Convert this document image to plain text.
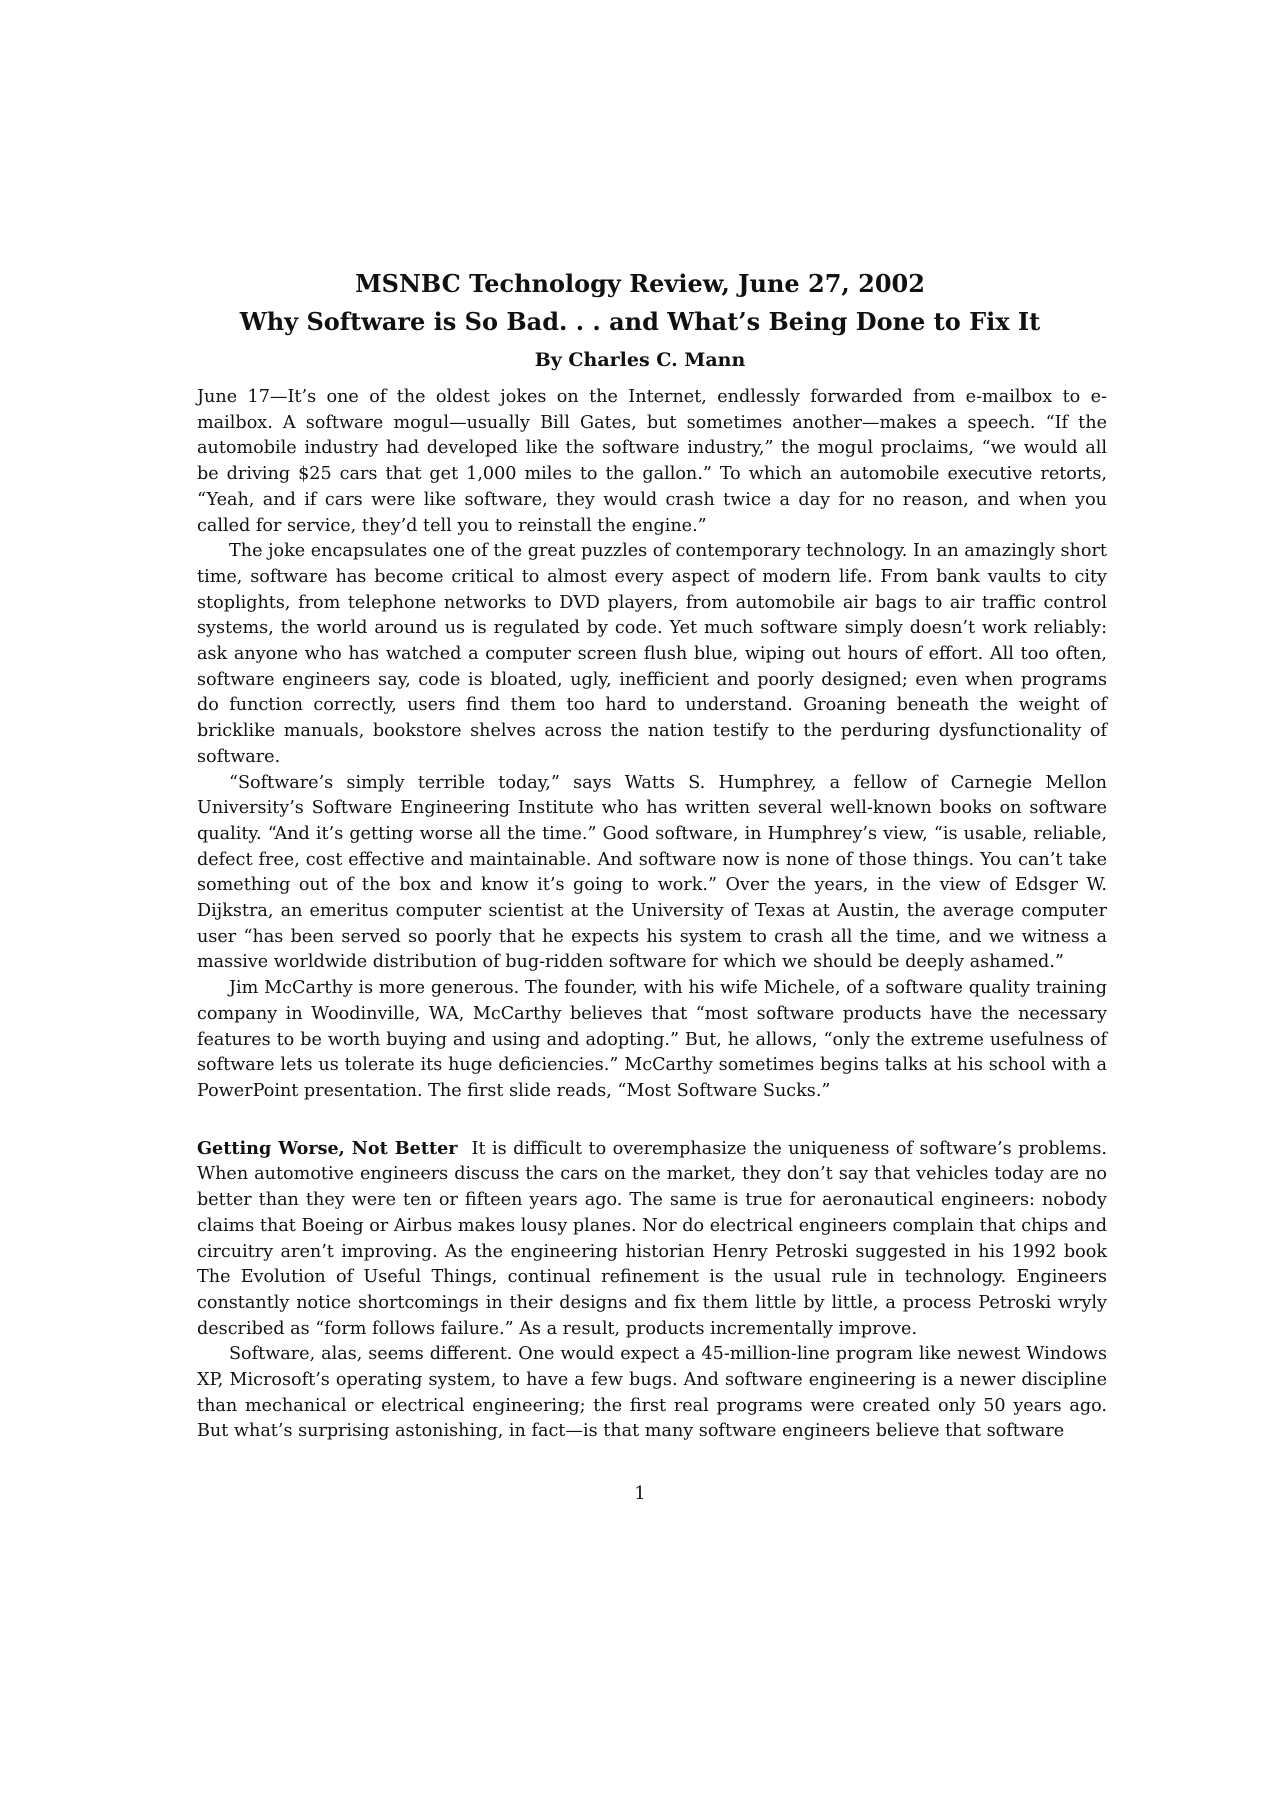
MSNBC Technology Review, June 27, 2002

Why Software is So Bad. . . and What’s Being Done to Fix It

By Charles C. Mann

June 17—It’s one of the oldest jokes on the Internet, endlessly forwarded from e-mailbox to e-mailbox. A software mogul—usually Bill Gates, but sometimes another—makes a speech. “If the automobile industry had developed like the software industry,” the mogul proclaims, “we would all be driving $25 cars that get 1,000 miles to the gallon.” To which an automobile executive retorts, “Yeah, and if cars were like software, they would crash twice a day for no reason, and when you called for service, they’d tell you to reinstall the engine.”

The joke encapsulates one of the great puzzles of contemporary technology. In an amazingly short time, software has become critical to almost every aspect of modern life. From bank vaults to city stoplights, from telephone networks to DVD players, from automobile air bags to air traffic control systems, the world around us is regulated by code. Yet much software simply doesn’t work reliably: ask anyone who has watched a computer screen flush blue, wiping out hours of effort. All too often, software engineers say, code is bloated, ugly, inefficient and poorly designed; even when programs do function correctly, users find them too hard to understand. Groaning beneath the weight of bricklike manuals, bookstore shelves across the nation testify to the perduring dysfunctionality of software.

“Software’s simply terrible today,” says Watts S. Humphrey, a fellow of Carnegie Mellon University’s Software Engineering Institute who has written several well-known books on software quality. “And it’s getting worse all the time.” Good software, in Humphrey’s view, “is usable, reliable, defect free, cost effective and maintainable. And software now is none of those things. You can’t take something out of the box and know it’s going to work.” Over the years, in the view of Edsger W. Dijkstra, an emeritus computer scientist at the University of Texas at Austin, the average computer user “has been served so poorly that he expects his system to crash all the time, and we witness a massive worldwide distribution of bug-ridden software for which we should be deeply ashamed.”

Jim McCarthy is more generous. The founder, with his wife Michele, of a software quality training company in Woodinville, WA, McCarthy believes that “most software products have the necessary features to be worth buying and using and adopting.” But, he allows, “only the extreme usefulness of software lets us tolerate its huge deficiencies.” McCarthy sometimes begins talks at his school with a PowerPoint presentation. The first slide reads, “Most Software Sucks.”

Getting Worse, Not Better It is difficult to overemphasize the uniqueness of software’s problems. When automotive engineers discuss the cars on the market, they don’t say that vehicles today are no better than they were ten or fifteen years ago. The same is true for aeronautical engineers: nobody claims that Boeing or Airbus makes lousy planes. Nor do electrical engineers complain that chips and circuitry aren’t improving. As the engineering historian Henry Petroski suggested in his 1992 book The Evolution of Useful Things, continual refinement is the usual rule in technology. Engineers constantly notice shortcomings in their designs and fix them little by little, a process Petroski wryly described as “form follows failure.” As a result, products incrementally improve.

Software, alas, seems different. One would expect a 45-million-line program like newest Windows XP, Microsoft’s operating system, to have a few bugs. And software engineering is a newer discipline than mechanical or electrical engineering; the first real programs were created only 50 years ago. But what’s surprising astonishing, in fact—is that many software engineers believe that software

1
